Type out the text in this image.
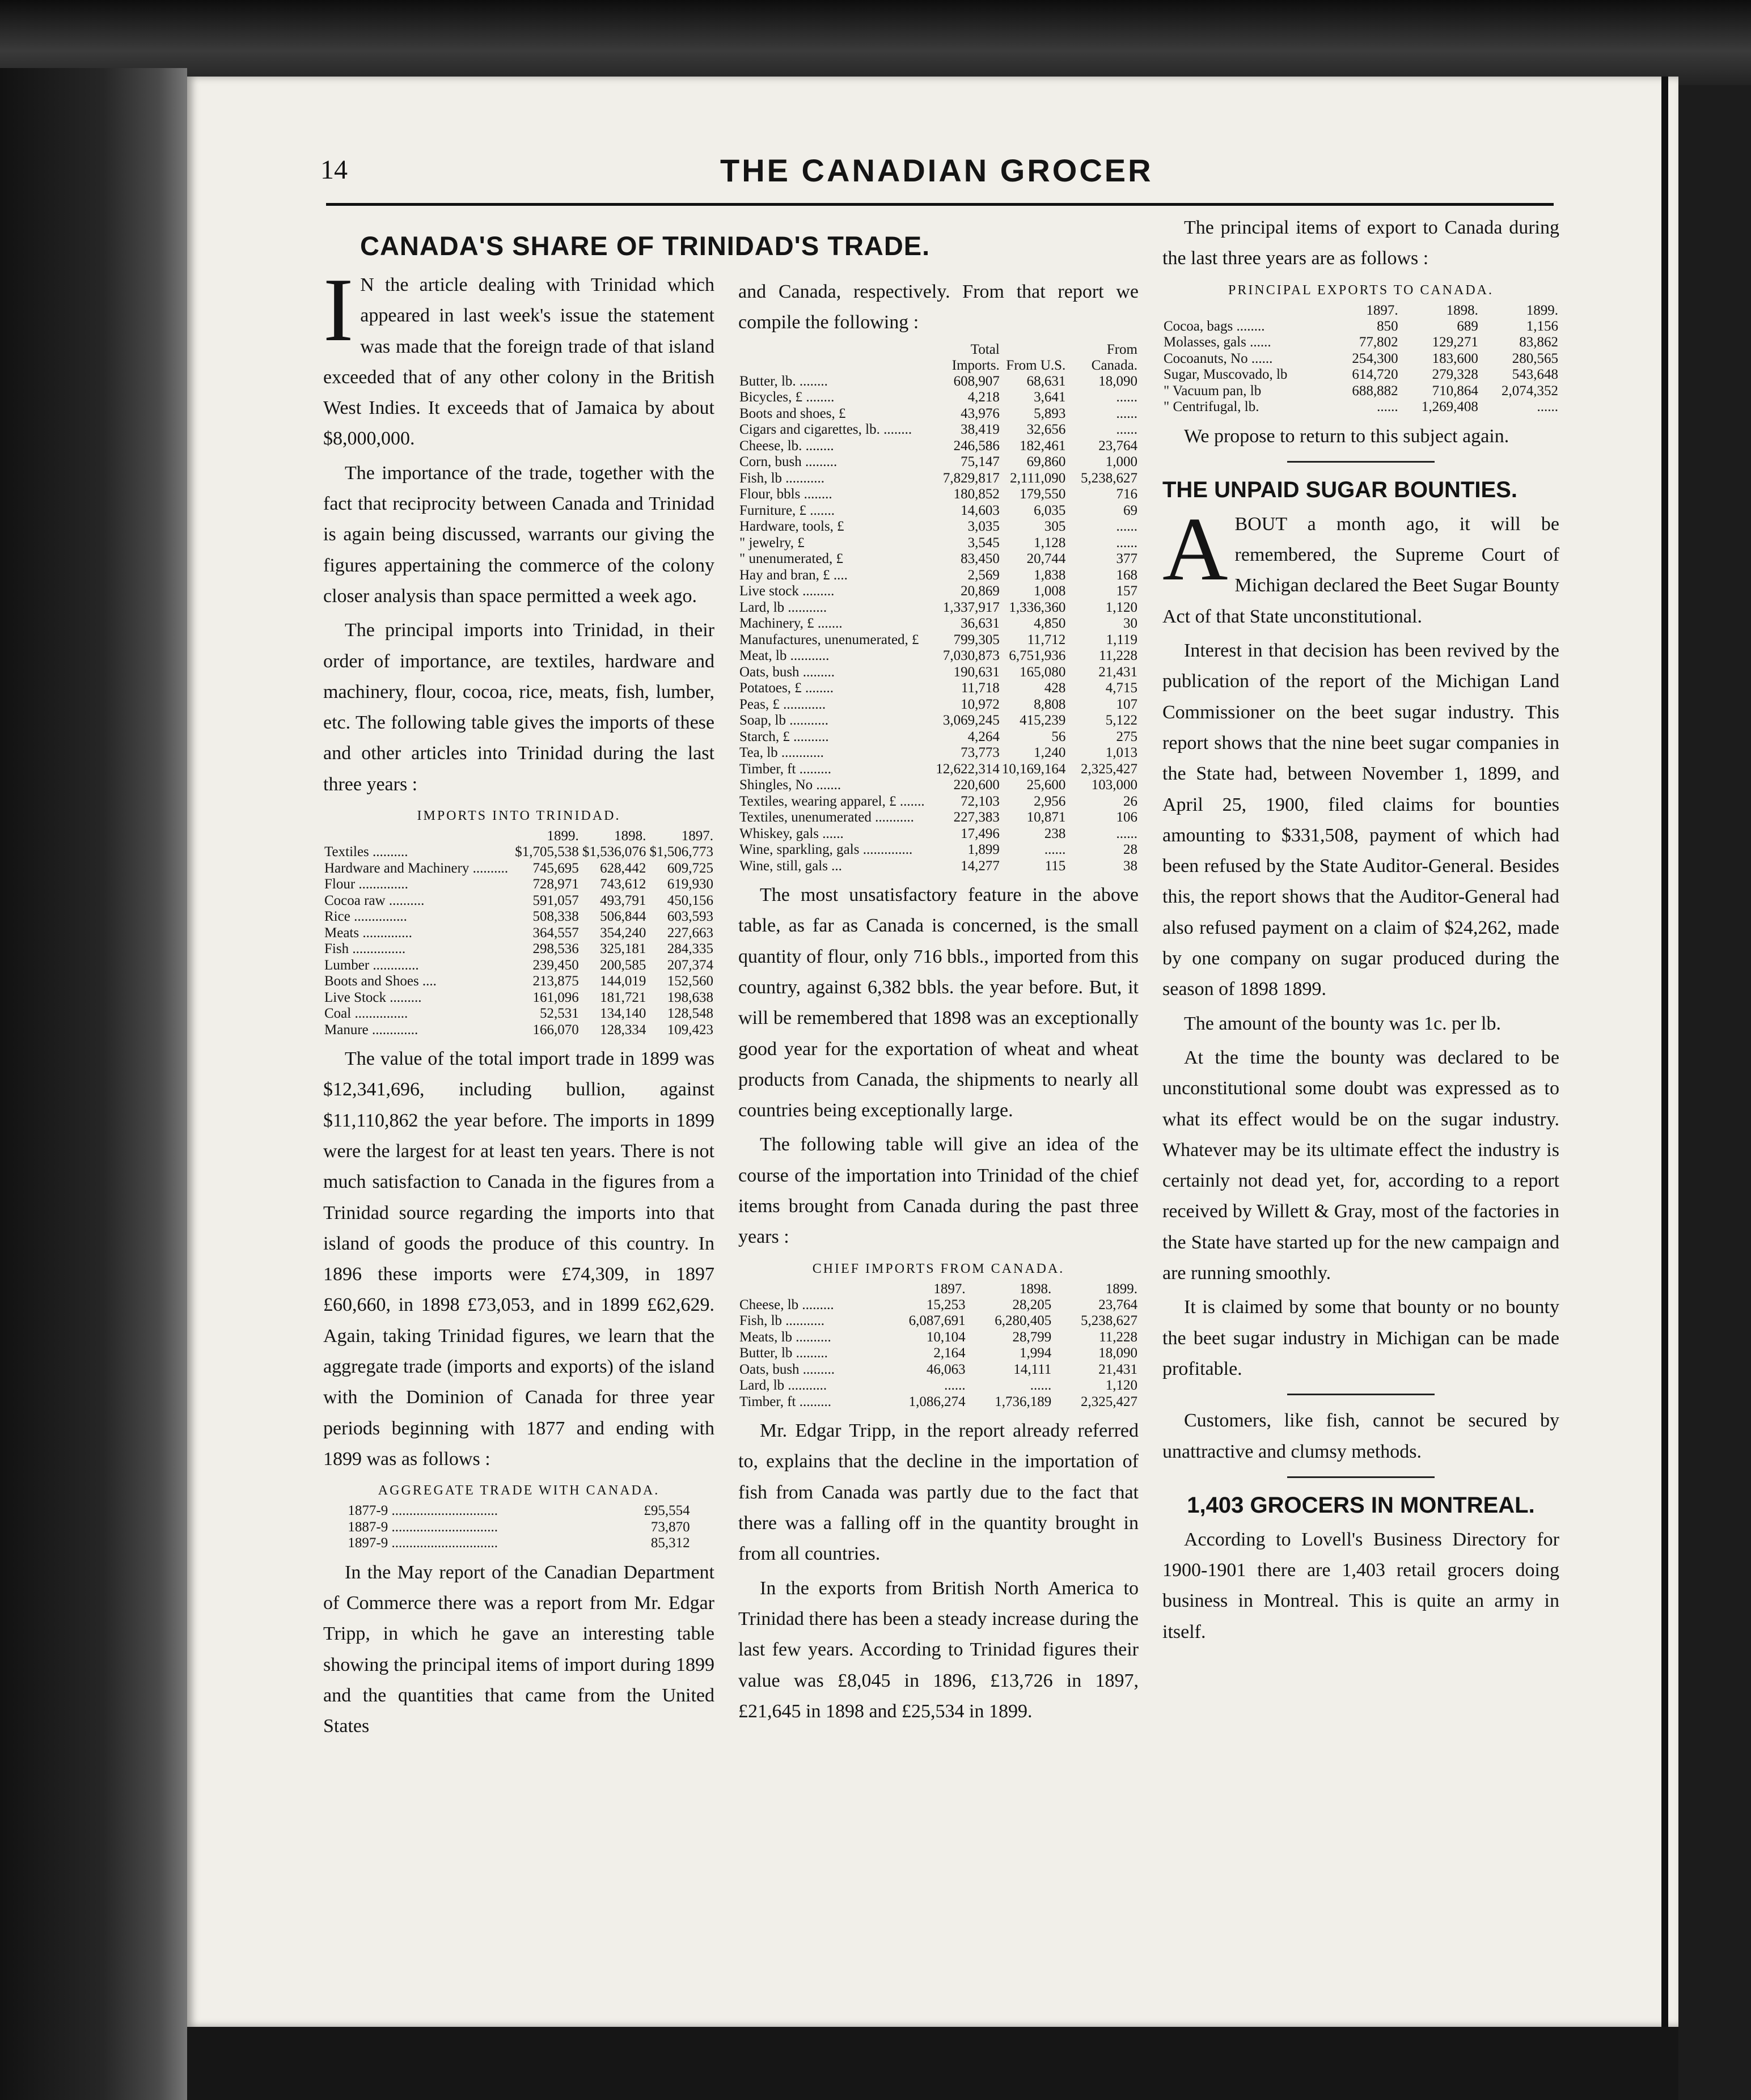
14	THE CANADIAN GROCER
CANADA'S SHARE OF TRINIDAD'S TRADE.

I N the article dealing with Trinidad which appeared in last week's issue the statement was made that the foreign trade of that island exceeded that of any other colony in the British West Indies. It exceeds that of Jamaica by about $8,000,000.

The importance of the trade, together with the fact that reciprocity between Canada and Trinidad is again being discussed, warrants our giving the figures appertaining the commerce of the colony closer analysis than space permitted a week ago.

The principal imports into Trinidad, in their order of importance, are textiles, hardware and machinery, flour, cocoa, rice, meats, fish, lumber, etc. The following table gives the imports of these and other articles into Trinidad during the last three years :

IMPORTS INTO TRINIDAD.
	1899.	1898.	1897.
Textiles ..........	$1,705,538	$1,536,076	$1,506,773
Hardware and Machinery ..........	745,695	628,442	609,725
Flour ..............	728,971	743,612	619,930
Cocoa raw ..........	591,057	493,791	450,156
Rice ...............	508,338	506,844	603,593
Meats ..............	364,557	354,240	227,663
Fish ...............	298,536	325,181	284,335
Lumber .............	239,450	200,585	207,374
Boots and Shoes ....	213,875	144,019	152,560
Live Stock .........	161,096	181,721	198,638
Coal ...............	52,531	134,140	128,548
Manure .............	166,070	128,334	109,423

The value of the total import trade in 1899 was $12,341,696, including bullion, against $11,110,862 the year before. The imports in 1899 were the largest for at least ten years. There is not much satisfaction to Canada in the figures from a Trinidad source regarding the imports into that island of goods the produce of this country. In 1896 these imports were £74,309, in 1897 £60,660, in 1898 £73,053, and in 1899 £62,629. Again, taking Trinidad figures, we learn that the aggregate trade (imports and exports) of the island with the Dominion of Canada for three year periods beginning with 1877 and ending with 1899 was as follows :

AGGREGATE TRADE WITH CANADA.
1877-9 ..............................	£95,554
1887-9 ..............................	73,870
1897-9 ..............................	85,312

In the May report of the Canadian Department of Commerce there was a report from Mr. Edgar Tripp, in which he gave an interesting table showing the principal items of import during 1899 and the quantities that came from the United States

and Canada, respectively. From that report we compile the following :

	Total Imports.	From U.S.	From Canada.
Butter, lb. ........	608,907	68,631	18,090
Bicycles, £ ........	4,218	3,641	......
Boots and shoes, £	43,976	5,893	......
Cigars and cigarettes, lb. ........	38,419	32,656	......
Cheese, lb. ........	246,586	182,461	23,764
Corn, bush .........	75,147	69,860	1,000
Fish, lb ...........	7,829,817	2,111,090	5,238,627
Flour, bbls ........	180,852	179,550	716
Furniture, £ .......	14,603	6,035	69
Hardware, tools, £	3,035	305	......
" jewelry, £	3,545	1,128	......
" unenumerated, £	83,450	20,744	377
Hay and bran, £ ....	2,569	1,838	168
Live stock .........	20,869	1,008	157
Lard, lb ...........	1,337,917	1,336,360	1,120
Machinery, £ .......	36,631	4,850	30
Manufactures, unenumerated, £	799,305	11,712	1,119
Meat, lb ...........	7,030,873	6,751,936	11,228
Oats, bush .........	190,631	165,080	21,431
Potatoes, £ ........	11,718	428	4,715
Peas, £ ............	10,972	8,808	107
Soap, lb ...........	3,069,245	415,239	5,122
Starch, £ ..........	4,264	56	275
Tea, lb ............	73,773	1,240	1,013
Timber, ft .........	12,622,314	10,169,164	2,325,427
Shingles, No .......	220,600	25,600	103,000
Textiles, wearing apparel, £ .......	72,103	2,956	26
Textiles, unenumerated ...........	227,383	10,871	106
Whiskey, gals ......	17,496	238	......
Wine, sparkling, gals ..............	1,899	......	28
Wine, still, gals ...	14,277	115	38

The most unsatisfactory feature in the above table, as far as Canada is concerned, is the small quantity of flour, only 716 bbls., imported from this country, against 6,382 bbls. the year before. But, it will be remembered that 1898 was an exceptionally good year for the exportation of wheat and wheat products from Canada, the shipments to nearly all countries being exceptionally large.

The following table will give an idea of the course of the importation into Trinidad of the chief items brought from Canada during the past three years :

CHIEF IMPORTS FROM CANADA.
	1897.	1898.	1899.
Cheese, lb .........	15,253	28,205	23,764
Fish, lb ...........	6,087,691	6,280,405	5,238,627
Meats, lb ..........	10,104	28,799	11,228
Butter, lb .........	2,164	1,994	18,090
Oats, bush .........	46,063	14,111	21,431
Lard, lb ...........	......	......	1,120
Timber, ft .........	1,086,274	1,736,189	2,325,427

Mr. Edgar Tripp, in the report already referred to, explains that the decline in the importation of fish from Canada was partly due to the fact that there was a falling off in the quantity brought in from all countries.

In the exports from British North America to Trinidad there has been a steady increase during the last few years. According to Trinidad figures their value was £8,045 in 1896, £13,726 in 1897, £21,645 in 1898 and £25,534 in 1899.

The principal items of export to Canada during the last three years are as follows :

PRINCIPAL EXPORTS TO CANADA.
	1897.	1898.	1899.
Cocoa, bags ........	850	689	1,156
Molasses, gals ......	77,802	129,271	83,862
Cocoanuts, No ......	254,300	183,600	280,565
Sugar, Muscovado, lb	614,720	279,328	543,648
" Vacuum pan, lb	688,882	710,864	2,074,352
" Centrifugal, lb.	......	1,269,408	......

We propose to return to this subject again.

THE UNPAID SUGAR BOUNTIES.

ABOUT a month ago, it will be remembered, the Supreme Court of Michigan declared the Beet Sugar Bounty Act of that State unconstitutional.

Interest in that decision has been revived by the publication of the report of the Michigan Land Commissioner on the beet sugar industry. This report shows that the nine beet sugar companies in the State had, between November 1, 1899, and April 25, 1900, filed claims for bounties amounting to $331,508, payment of which had been refused by the State Auditor-General. Besides this, the report shows that the Auditor-General had also refused payment on a claim of $24,262, made by one company on sugar produced during the season of 1898 1899.

The amount of the bounty was 1c. per lb.

At the time the bounty was declared to be unconstitutional some doubt was expressed as to what its effect would be on the sugar industry. Whatever may be its ultimate effect the industry is certainly not dead yet, for, according to a report received by Willett & Gray, most of the factories in the State have started up for the new campaign and are running smoothly.

It is claimed by some that bounty or no bounty the beet sugar industry in Michigan can be made profitable.

Customers, like fish, cannot be secured by unattractive and clumsy methods.

1,403 GROCERS IN MONTREAL.

According to Lovell's Business Directory for 1900-1901 there are 1,403 retail grocers doing business in Montreal. This is quite an army in itself.
